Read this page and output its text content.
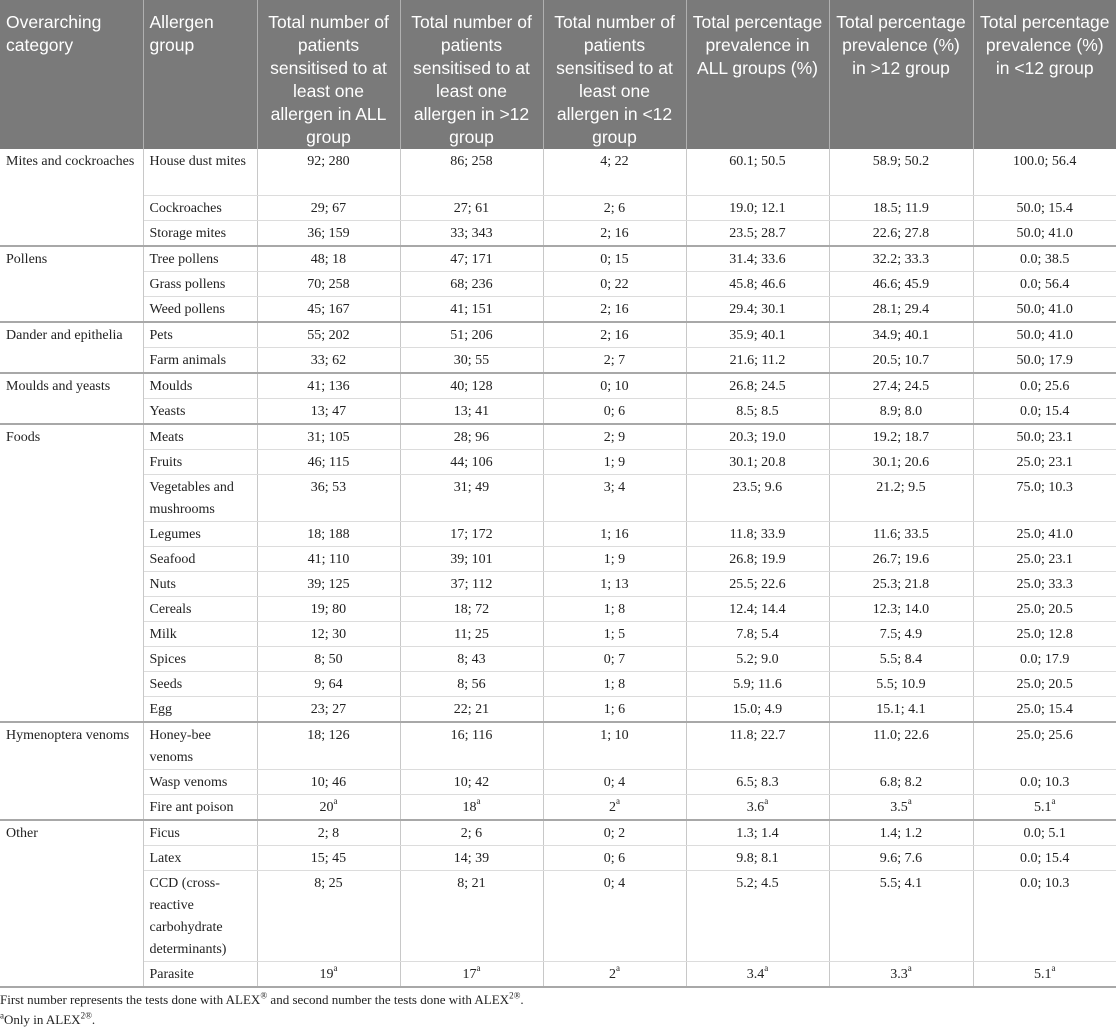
Overarching category	Allergen group	Total number of patients sensitised to at least one allergen in ALL group	Total number of patients sensitised to at least one allergen in >12 group	Total number of patients sensitised to at least one allergen in <12 group	Total percentage prevalence in ALL groups (%)	Total percentage prevalence (%) in >12 group	Total percentage prevalence (%) in <12 group
Mites and cockroaches	House dust mites	92; 280	86; 258	4; 22	60.1; 50.5	58.9; 50.2	100.0; 56.4
	Cockroaches	29; 67	27; 61	2; 6	19.0; 12.1	18.5; 11.9	50.0; 15.4
	Storage mites	36; 159	33; 343	2; 16	23.5; 28.7	22.6; 27.8	50.0; 41.0
Pollens	Tree pollens	48; 18	47; 171	0; 15	31.4; 33.6	32.2; 33.3	0.0; 38.5
	Grass pollens	70; 258	68; 236	0; 22	45.8; 46.6	46.6; 45.9	0.0; 56.4
	Weed pollens	45; 167	41; 151	2; 16	29.4; 30.1	28.1; 29.4	50.0; 41.0
Dander and epithelia	Pets	55; 202	51; 206	2; 16	35.9; 40.1	34.9; 40.1	50.0; 41.0
	Farm animals	33; 62	30; 55	2; 7	21.6; 11.2	20.5; 10.7	50.0; 17.9
Moulds and yeasts	Moulds	41; 136	40; 128	0; 10	26.8; 24.5	27.4; 24.5	0.0; 25.6
	Yeasts	13; 47	13; 41	0; 6	8.5; 8.5	8.9; 8.0	0.0; 15.4
Foods	Meats	31; 105	28; 96	2; 9	20.3; 19.0	19.2; 18.7	50.0; 23.1
	Fruits	46; 115	44; 106	1; 9	30.1; 20.8	30.1; 20.6	25.0; 23.1
	Vegetables and mushrooms	36; 53	31; 49	3; 4	23.5; 9.6	21.2; 9.5	75.0; 10.3
	Legumes	18; 188	17; 172	1; 16	11.8; 33.9	11.6; 33.5	25.0; 41.0
	Seafood	41; 110	39; 101	1; 9	26.8; 19.9	26.7; 19.6	25.0; 23.1
	Nuts	39; 125	37; 112	1; 13	25.5; 22.6	25.3; 21.8	25.0; 33.3
	Cereals	19; 80	18; 72	1; 8	12.4; 14.4	12.3; 14.0	25.0; 20.5
	Milk	12; 30	11; 25	1; 5	7.8; 5.4	7.5; 4.9	25.0; 12.8
	Spices	8; 50	8; 43	0; 7	5.2; 9.0	5.5; 8.4	0.0; 17.9
	Seeds	9; 64	8; 56	1; 8	5.9; 11.6	5.5; 10.9	25.0; 20.5
	Egg	23; 27	22; 21	1; 6	15.0; 4.9	15.1; 4.1	25.0; 15.4
Hymenoptera venoms	Honey-bee venoms	18; 126	16; 116	1; 10	11.8; 22.7	11.0; 22.6	25.0; 25.6
	Wasp venoms	10; 46	10; 42	0; 4	6.5; 8.3	6.8; 8.2	0.0; 10.3
	Fire ant poison	20$^a$	18$^a$	2$^a$	3.6$^a$	3.5$^a$	5.1$^a$
Other	Ficus	2; 8	2; 6	0; 2	1.3; 1.4	1.4; 1.2	0.0; 5.1
	Latex	15; 45	14; 39	0; 6	9.8; 8.1	9.6; 7.6	0.0; 15.4
	CCD (cross-reactive carbohydrate determinants)	8; 25	8; 21	0; 4	5.2; 4.5	5.5; 4.1	0.0; 10.3
	Parasite	19$^a$	17$^a$	2$^a$	3.4$^a$	3.3$^a$	5.1$^a$

First number represents the tests done with ALEX® and second number the tests done with ALEX$^{2®}$.

$^a$Only in ALEX$^{2®}$.
